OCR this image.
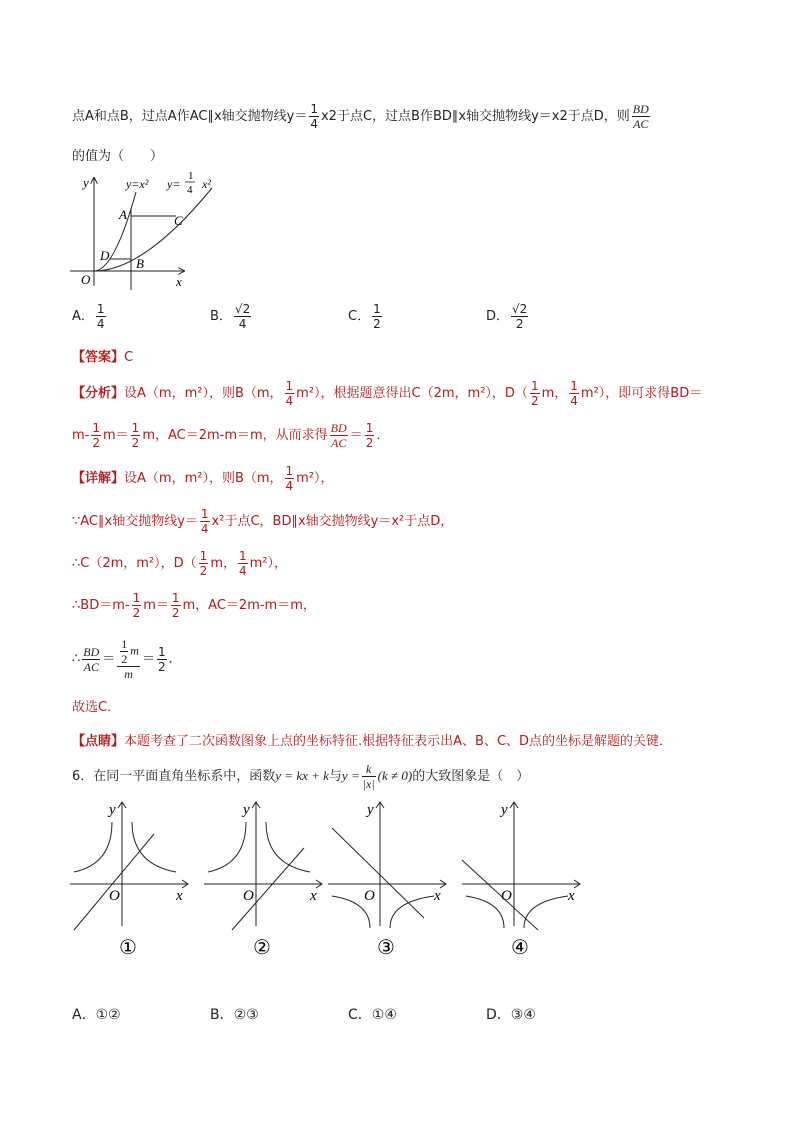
点A和点B，过点A作AC∥x轴交抛物线$y= \frac{1}{4} x2$于点C，过点B作BD∥x轴交抛物线y＝x2于点D，则 $\frac{BD}{AC}$
的值为（　　）
y
x
O
y=x² y=
1
4 x²
A	C
D
B
A． $\frac{1}{4}$	B． $\frac{√2}{4}$	C． $\frac{1}{2}$	D． $\frac{√2}{2}$
【答案】C
【分析】设A（m，m²），则B（m， $\frac{1}{4} m^2$），根据题意得出C（2m，m²），$D( \frac{1}{2}$ m， $\frac{1}{4} m^2$），即可求得BD＝
$m- \frac{1}{2} m= \frac{1}{2}$ m，AC＝2m-m＝m，从而求得 $\frac{BD}{AC} = \frac{1}{2}$ ．
【详解】设A（m，m²），则B（m， $\frac{1}{4} m^2$），
∵AC∥x轴交抛物线$y= \frac{1}{4} x^2$于点C，BD∥x轴交抛物线y＝x²于点D，
∴C（2m，m²），$D( \frac{1}{2}$ m， $\frac{1}{4} m^2$），
∴BD＝m- $\frac{1}{2} m= \frac{1}{2}$ m，AC＝2m-m＝m，
∴ $\frac{BD}{AC} = \frac{\frac{1}{2} m}{m} = \frac{1}{2}$ ．
故选C．
【点睛】本题考查了二次函数图象上点的坐标特征.根据特征表示出A、B、C、D点的坐标是解题的关键．
6．在同一平面直角坐标系中，函数y = kx + k与$y = \frac{k}{|x|} (k \ne 0)$的大致图象是（　）
y
x
O
①
y
x
O
②
y
x
O
③
y
x
O
④
A．①②	B．②③	C．①④	D．③④
